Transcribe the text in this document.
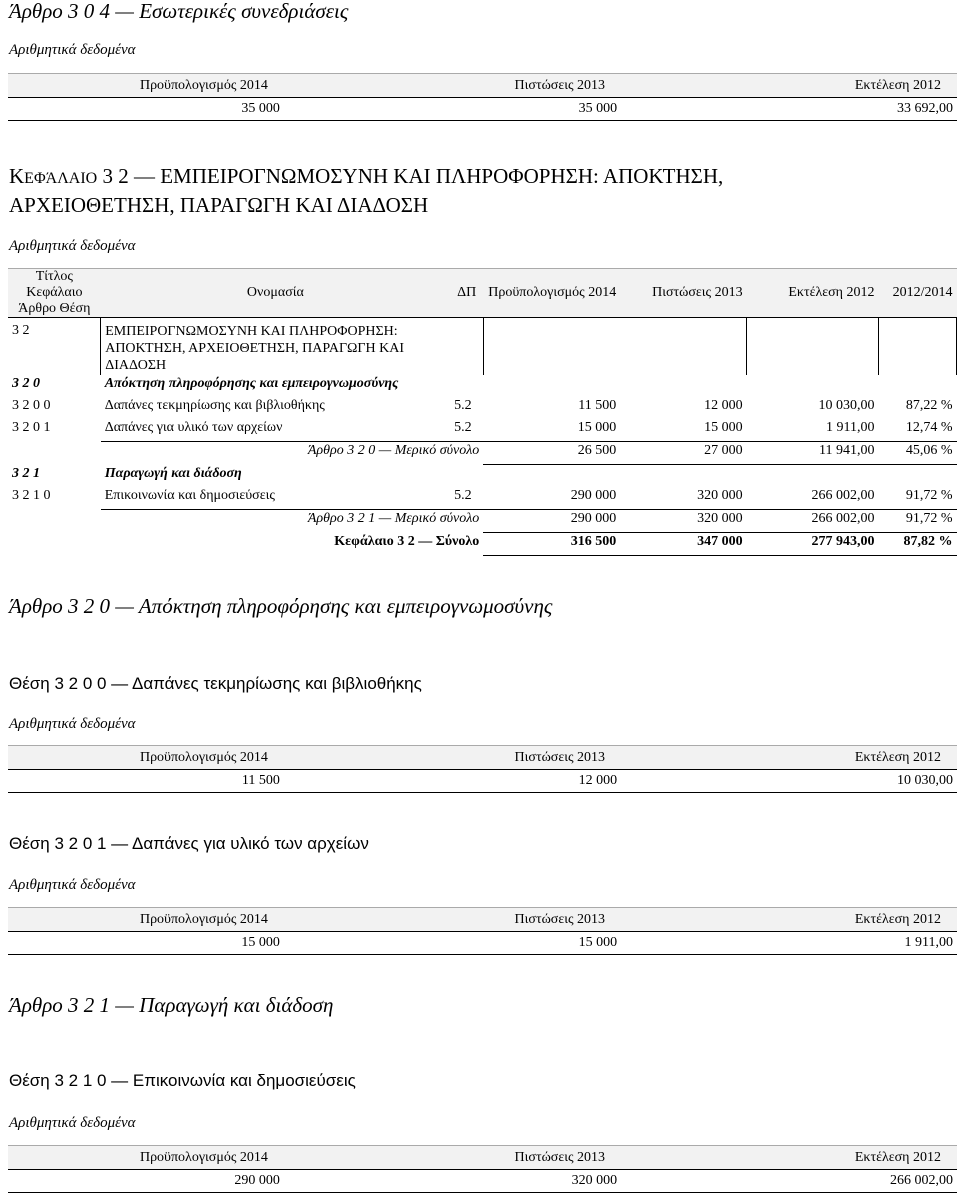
Άρθρο 3 0 4 — Εσωτερικές συνεδριάσεις
Αριθμητικά δεδομένα
Προϋπολογισμός 2014	Πιστώσεις 2013	Εκτέλεση 2012
35 000	35 000	33 692,00
ΚΕΦΆΛΑΙΟ 3 2 — ΕΜΠΕΙΡΟΓΝΩΜΟΣΥΝΗ ΚΑΙ ΠΛΗΡΟΦΟΡΗΣΗ: ΑΠΟΚΤΗΣΗ,
ΑΡΧΕΙΟΘΕΤΗΣΗ, ΠΑΡΑΓΩΓΗ ΚΑΙ ΔΙΑΔΟΣΗ
Αριθμητικά δεδομένα
Τίτλος
Κεφάλαιο
Άρθρο Θέση	Ονομασία	ΔΠ	Προϋπολογισμός 2014	Πιστώσεις 2013	Εκτέλεση 2012	2012/2014
3 2	ΕΜΠΕΙΡΟΓΝΩΜΟΣΥΝΗ ΚΑΙ ΠΛΗΡΟΦΟΡΗΣΗ: ΑΠΟΚΤΗΣΗ, ΑΡΧΕΙΟΘΕΤΗΣΗ, ΠΑΡΑΓΩΓΗ ΚΑΙ ΔΙΑΔΟΣΗ					
3 2 0	Απόκτηση πληροφόρησης και εμπειρογνωμοσύνης					
3 2 0 0	Δαπάνες τεκμηρίωσης και βιβλιοθήκης	5.2	11 500	12 000	10 030,00	87,22 %
3 2 0 1	Δαπάνες για υλικό των αρχείων	5.2	15 000	15 000	1 911,00	12,74 %
	Άρθρο 3 2 0 — Μερικό σύνολο		26 500	27 000	11 941,00	45,06 %
3 2 1	Παραγωγή και διάδοση					
3 2 1 0	Επικοινωνία και δημοσιεύσεις	5.2	290 000	320 000	266 002,00	91,72 %
	Άρθρο 3 2 1 — Μερικό σύνολο		290 000	320 000	266 002,00	91,72 %
	Κεφάλαιο 3 2 — Σύνολο		316 500	347 000	277 943,00	87,82 %
Άρθρο 3 2 0 — Απόκτηση πληροφόρησης και εμπειρογνωμοσύνης
Θέση 3 2 0 0 — Δαπάνες τεκμηρίωσης και βιβλιοθήκης
Αριθμητικά δεδομένα
Προϋπολογισμός 2014	Πιστώσεις 2013	Εκτέλεση 2012
11 500	12 000	10 030,00
Θέση 3 2 0 1 — Δαπάνες για υλικό των αρχείων
Αριθμητικά δεδομένα
Προϋπολογισμός 2014	Πιστώσεις 2013	Εκτέλεση 2012
15 000	15 000	1 911,00
Άρθρο 3 2 1 — Παραγωγή και διάδοση
Θέση 3 2 1 0 — Επικοινωνία και δημοσιεύσεις
Αριθμητικά δεδομένα
Προϋπολογισμός 2014	Πιστώσεις 2013	Εκτέλεση 2012
290 000	320 000	266 002,00
